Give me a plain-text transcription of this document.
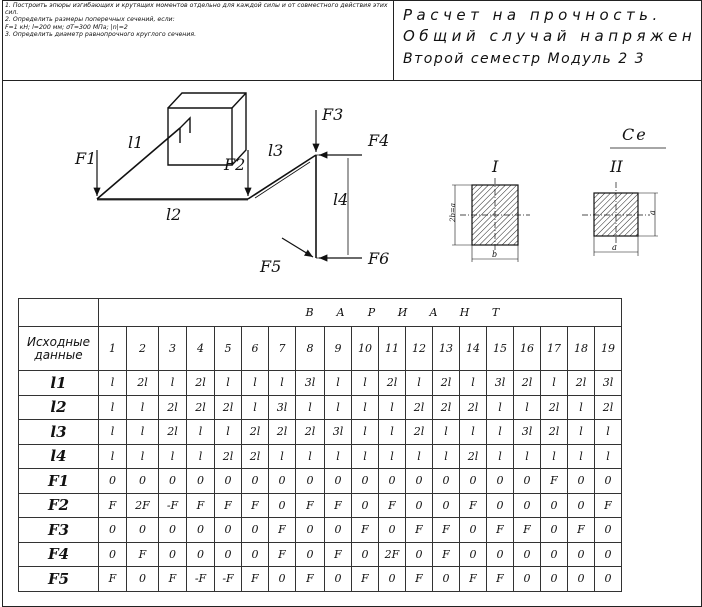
1. Построить эпюры изгибающих и крутящих моментов отдельно для каждой силы и от совместного действия этих сил.
2. Определить размеры поперечных сечений, если:
F=1 кН; l=200 мм; σT=300 МПа; |n|=2
3. Определить диаметр равнопрочного круглого сечения.
Расчет на прочность.
Общий случай напряжен
Второй семестр Модуль 2 3
l1
l2
l3
l4
F1	F2
F3
F4
F5	F6
Се
I
2b=a
b
II
a
a
	В А Р И А Н Т																		
Исходные данные	1	2	3	4	5	6	7	8	9	10	11	12	13	14	15	16	17	18	19
l1	l	2l	l	2l	l	l	l	3l	l	l	2l	l	2l	l	3l	2l	l	2l	3l
l2	l	l	2l	2l	2l	l	3l	l	l	l	l	2l	2l	2l	l	l	2l	l	2l
l3	l	l	2l	l	l	2l	2l	2l	3l	l	l	2l	l	l	l	3l	2l	l	l
l4	l	l	l	l	2l	2l	l	l	l	l	l	l	l	2l	l	l	l	l	l
F1	0	0	0	0	0	0	0	0	0	0	0	0	0	0	0	0	F	0	0
F2	F	2F	-F	F	F	F	0	F	F	0	F	0	0	F	0	0	0	0	F
F3	0	0	0	0	0	0	F	0	0	F	0	F	F	0	F	F	0	F	0
F4	0	F	0	0	0	0	F	0	F	0	2F	0	F	0	0	0	0	0	0
F5	F	0	F	-F	-F	F	0	F	0	F	0	F	0	F	F	0	0	0	0
